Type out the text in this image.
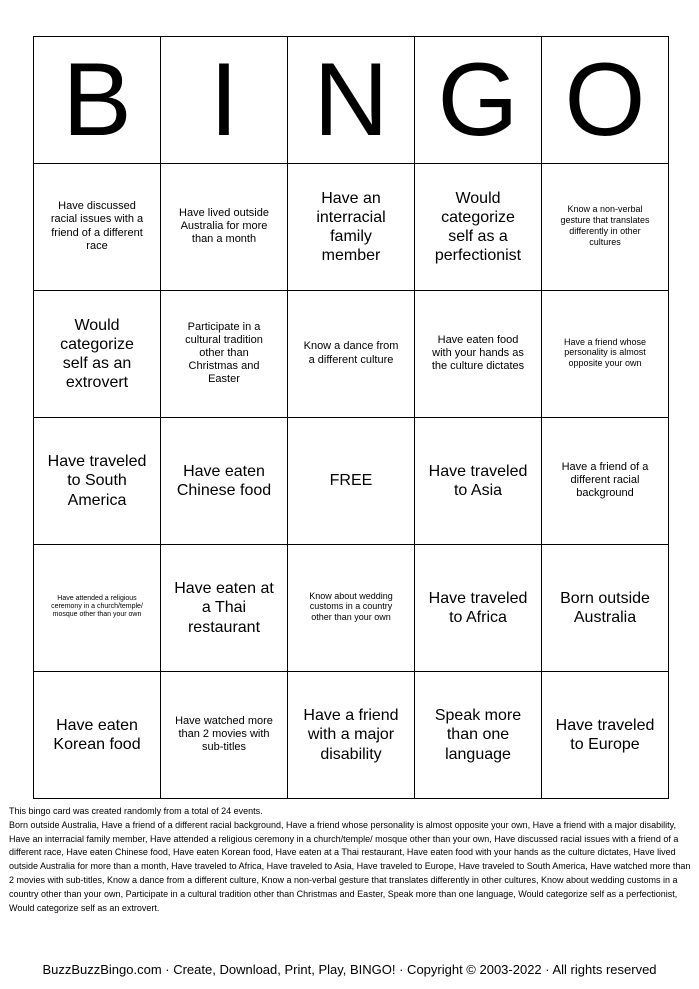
B	I	N	G	O
Have discussed racial issues with a friend of a different race	Have lived outside Australia for more than a month	Have an interracial family member	Would categorize self as a perfectionist	Know a non-verbal gesture that translates differently in other cultures
Would categorize self as an extrovert	Participate in a cultural tradition other than Christmas and Easter	Know a dance from a different culture	Have eaten food with your hands as the culture dictates	Have a friend whose personality is almost opposite your own
Have traveled to South America	Have eaten Chinese food	FREE	Have traveled to Asia	Have a friend of a different racial background
Have attended a religious ceremony in a church/temple/ mosque other than your own	Have eaten at a Thai restaurant	Know about wedding customs in a country other than your own	Have traveled to Africa	Born outside Australia
Have eaten Korean food	Have watched more than 2 movies with sub-titles	Have a friend with a major disability	Speak more than one language	Have traveled to Europe
This bingo card was created randomly from a total of 24 events.
Born outside Australia, Have a friend of a different racial background, Have a friend whose personality is almost opposite your own, Have a friend with a major disability, Have an interracial family member, Have attended a religious ceremony in a church/temple/ mosque other than your own, Have discussed racial issues with a friend of a different race, Have eaten Chinese food, Have eaten Korean food, Have eaten at a Thai restaurant, Have eaten food with your hands as the culture dictates, Have lived outside Australia for more than a month, Have traveled to Africa, Have traveled to Asia, Have traveled to Europe, Have traveled to South America, Have watched more than 2 movies with sub-titles, Know a dance from a different culture, Know a non-verbal gesture that translates differently in other cultures, Know about wedding customs in a country other than your own, Participate in a cultural tradition other than Christmas and Easter, Speak more than one language, Would categorize self as a perfectionist, Would categorize self as an extrovert.
BuzzBuzzBingo.com · Create, Download, Print, Play, BINGO! · Copyright © 2003-2022 · All rights reserved
